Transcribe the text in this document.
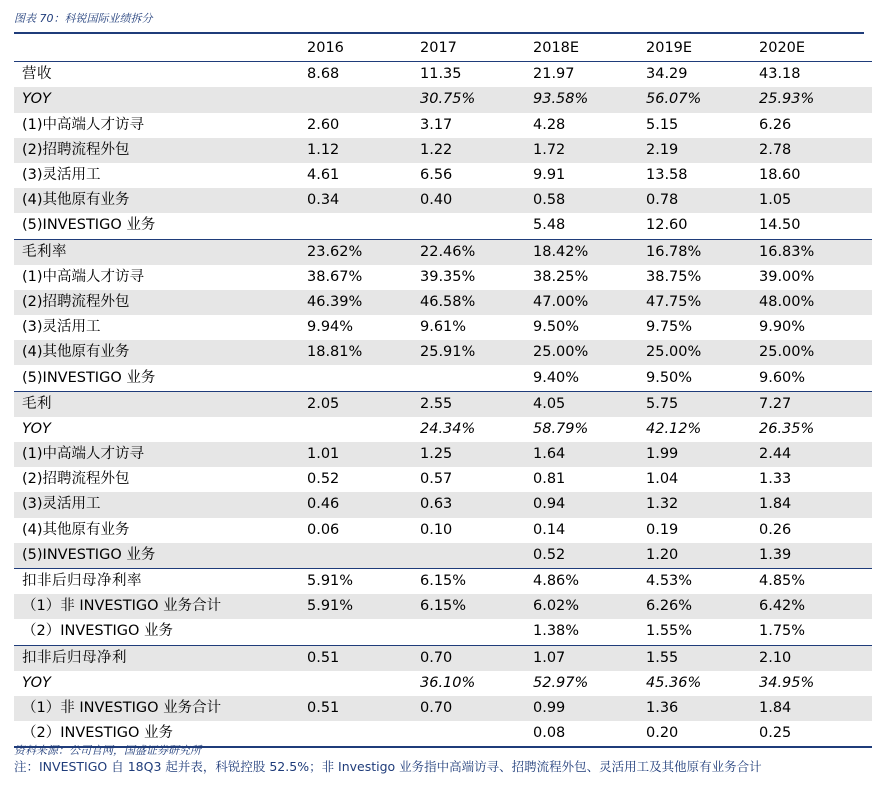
图表 70：科锐国际业绩拆分
	2016	2017	2018E	2019E	2020E
营收	8.68	11.35	21.97	34.29	43.18
YOY		30.75%	93.58%	56.07%	25.93%
(1)中高端人才访寻	2.60	3.17	4.28	5.15	6.26
(2)招聘流程外包	1.12	1.22	1.72	2.19	2.78
(3)灵活用工	4.61	6.56	9.91	13.58	18.60
(4)其他原有业务	0.34	0.40	0.58	0.78	1.05
(5)INVESTIGO 业务			5.48	12.60	14.50
毛利率	23.62%	22.46%	18.42%	16.78%	16.83%
(1)中高端人才访寻	38.67%	39.35%	38.25%	38.75%	39.00%
(2)招聘流程外包	46.39%	46.58%	47.00%	47.75%	48.00%
(3)灵活用工	9.94%	9.61%	9.50%	9.75%	9.90%
(4)其他原有业务	18.81%	25.91%	25.00%	25.00%	25.00%
(5)INVESTIGO 业务			9.40%	9.50%	9.60%
毛利	2.05	2.55	4.05	5.75	7.27
YOY		24.34%	58.79%	42.12%	26.35%
(1)中高端人才访寻	1.01	1.25	1.64	1.99	2.44
(2)招聘流程外包	0.52	0.57	0.81	1.04	1.33
(3)灵活用工	0.46	0.63	0.94	1.32	1.84
(4)其他原有业务	0.06	0.10	0.14	0.19	0.26
(5)INVESTIGO 业务			0.52	1.20	1.39
扣非后归母净利率	5.91%	6.15%	4.86%	4.53%	4.85%
（1）非 INVESTIGO 业务合计	5.91%	6.15%	6.02%	6.26%	6.42%
（2）INVESTIGO 业务			1.38%	1.55%	1.75%
扣非后归母净利	0.51	0.70	1.07	1.55	2.10
YOY		36.10%	52.97%	45.36%	34.95%
（1）非 INVESTIGO 业务合计	0.51	0.70	0.99	1.36	1.84
（2）INVESTIGO 业务			0.08	0.20	0.25
资料来源：公司官网，国盛证券研究所
注：INVESTIGO 自 18Q3 起并表，科锐控股 52.5%；非 Investigo 业务指中高端访寻、招聘流程外包、灵活用工及其他原有业务合计
